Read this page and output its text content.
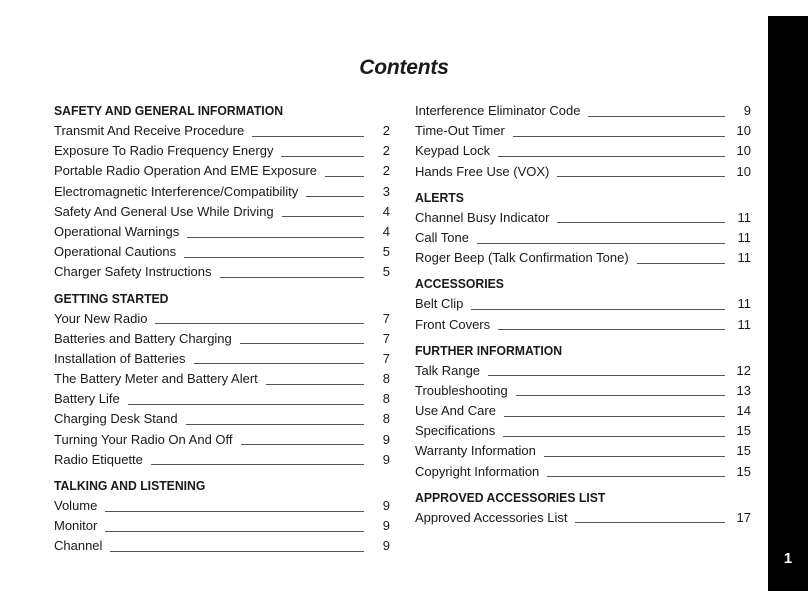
Contents
SAFETY AND GENERAL INFORMATION
Transmit And Receive Procedure	2
Exposure To Radio Frequency Energy	2
Portable Radio Operation And EME Exposure	2
Electromagnetic Interference/Compatibility	3
Safety And General Use While Driving	4
Operational Warnings	4
Operational Cautions	5
Charger Safety Instructions	5
GETTING STARTED
Your New Radio	7
Batteries and Battery Charging	7
Installation of Batteries	7
The Battery Meter and Battery Alert	8
Battery Life	8
Charging Desk Stand	8
Turning Your Radio On And Off	9
Radio Etiquette	9
TALKING AND LISTENING
Volume	9
Monitor	9
Channel	9
Interference Eliminator Code	9
Time-Out Timer	10
Keypad Lock	10
Hands Free Use (VOX)	10
ALERTS
Channel Busy Indicator	11
Call Tone	11
Roger Beep (Talk Confirmation Tone)	11
ACCESSORIES
Belt Clip	11
Front Covers	11
FURTHER INFORMATION
Talk Range	12
Troubleshooting	13
Use And Care	14
Specifications	15
Warranty Information	15
Copyright Information	15
APPROVED ACCESSORIES LIST
Approved Accessories List	17
1
